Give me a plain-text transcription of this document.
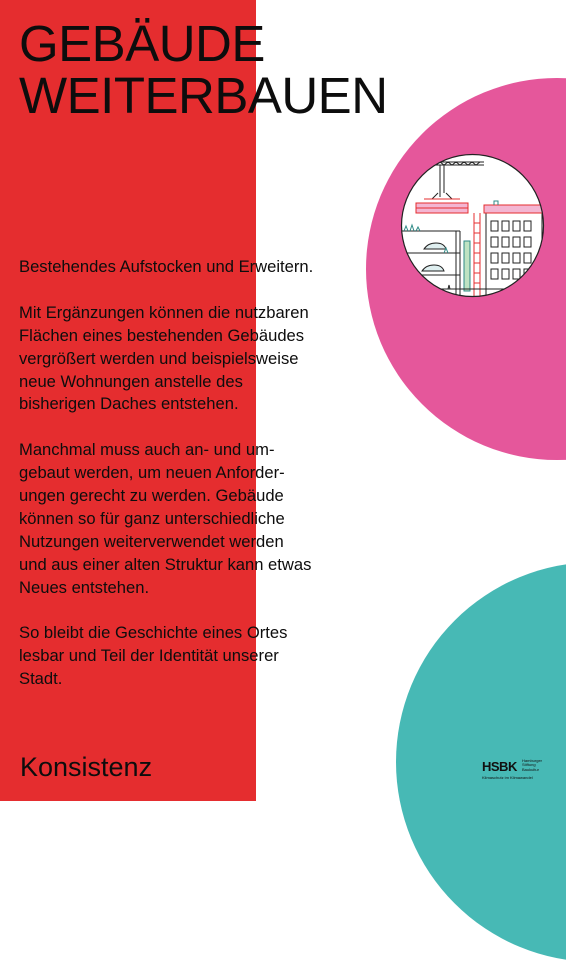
GEBÄUDE
WEITERBAUEN

Bestehendes Aufstocken und Erweitern.

Mit Ergänzungen können die nutzbaren
Flächen eines bestehenden Gebäudes
vergrößert werden und beispielsweise
neue Wohnungen anstelle des
bisherigen Daches entstehen.

Manchmal muss auch an- und um-
gebaut werden, um neuen Anforder-
ungen gerecht zu werden. Gebäude
können so für ganz unterschiedliche
Nutzungen weiterverwendet werden
und aus einer alten Struktur kann etwas
Neues entstehen.

So bleibt die Geschichte eines Ortes
lesbar und Teil der Identität unserer
Stadt.

Konsistenz	HSBK Hamburger
Stiftung
Baukultur
Klimaschutz im Klimawandel
